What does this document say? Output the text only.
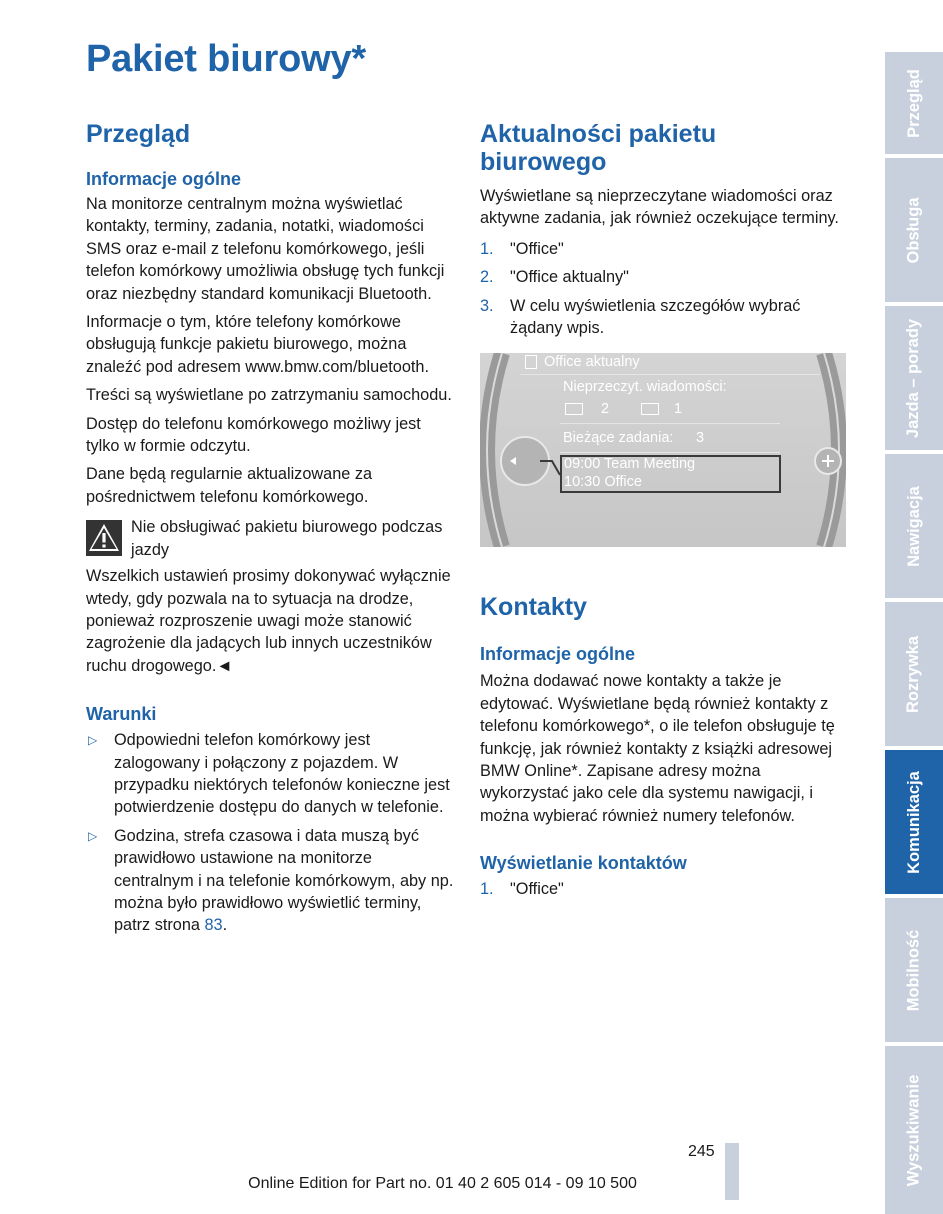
Pakiet biurowy*
Przegląd
Informacje ogólne

Na monitorze centralnym można wyświetlać kontakty, terminy, zadania, notatki, wiadomości SMS oraz e-mail z telefonu komórkowego, jeśli telefon komórkowy umożliwia obsługę tych funkcji oraz niezbędny standard komunikacji Bluetooth.

Informacje o tym, które telefony komórkowe obsługują funkcje pakietu biurowego, można znaleźć pod adresem www.bmw.com/bluetooth.

Treści są wyświetlane po zatrzymaniu samochodu.

Dostęp do telefonu komórkowego możliwy jest tylko w formie odczytu.

Dane będą regularnie aktualizowane za pośrednictwem telefonu komórkowego.

Nie obsługiwać pakietu biurowego podczas jazdy

Wszelkich ustawień prosimy dokonywać wyłącznie wtedy, gdy pozwala na to sytuacja na drodze, ponieważ rozproszenie uwagi może stanowić zagrożenie dla jadących lub innych uczestników ruchu drogowego.◄

Warunki
▷	Odpowiedni telefon komórkowy jest zalogowany i połączony z pojazdem. W przypadku niektórych telefonów konieczne jest potwierdzenie dostępu do danych w telefonie.
▷	Godzina, strefa czasowa i data muszą być prawidłowo ustawione na monitorze centralnym i na telefonie komórkowym, aby np. można było prawidłowo wyświetlić terminy, patrz strona 83.
Aktualności pakietu biurowego

Wyświetlane są nieprzeczytane wiadomości oraz aktywne zadania, jak również oczekujące terminy.

1.	"Office"
2.	"Office aktualny"
3.	W celu wyświetlenia szczegółów wybrać żądany wpis.
Office aktualny
Nieprzeczyt. wiadomości:
2	1
Bieżące zadania: 3
09:00 Team Meeting
10:30 Office
Kontakty
Informacje ogólne

Można dodawać nowe kontakty a także je edytować. Wyświetlane będą również kontakty z telefonu komórkowego*, o ile telefon obsługuje tę funkcję, jak również kontakty z książki adresowej BMW Online*. Zapisane adresy można wykorzystać jako cele dla systemu nawigacji, i można wybierać również numery telefonów.

Wyświetlanie kontaktów
1.	"Office"
Przegląd
Obsługa
Jazda – porady
Nawigacja
Rozrywka
Komunikacja
Mobilność
Wyszukiwanie
245
Online Edition for Part no. 01 40 2 605 014 - 09 10 500
